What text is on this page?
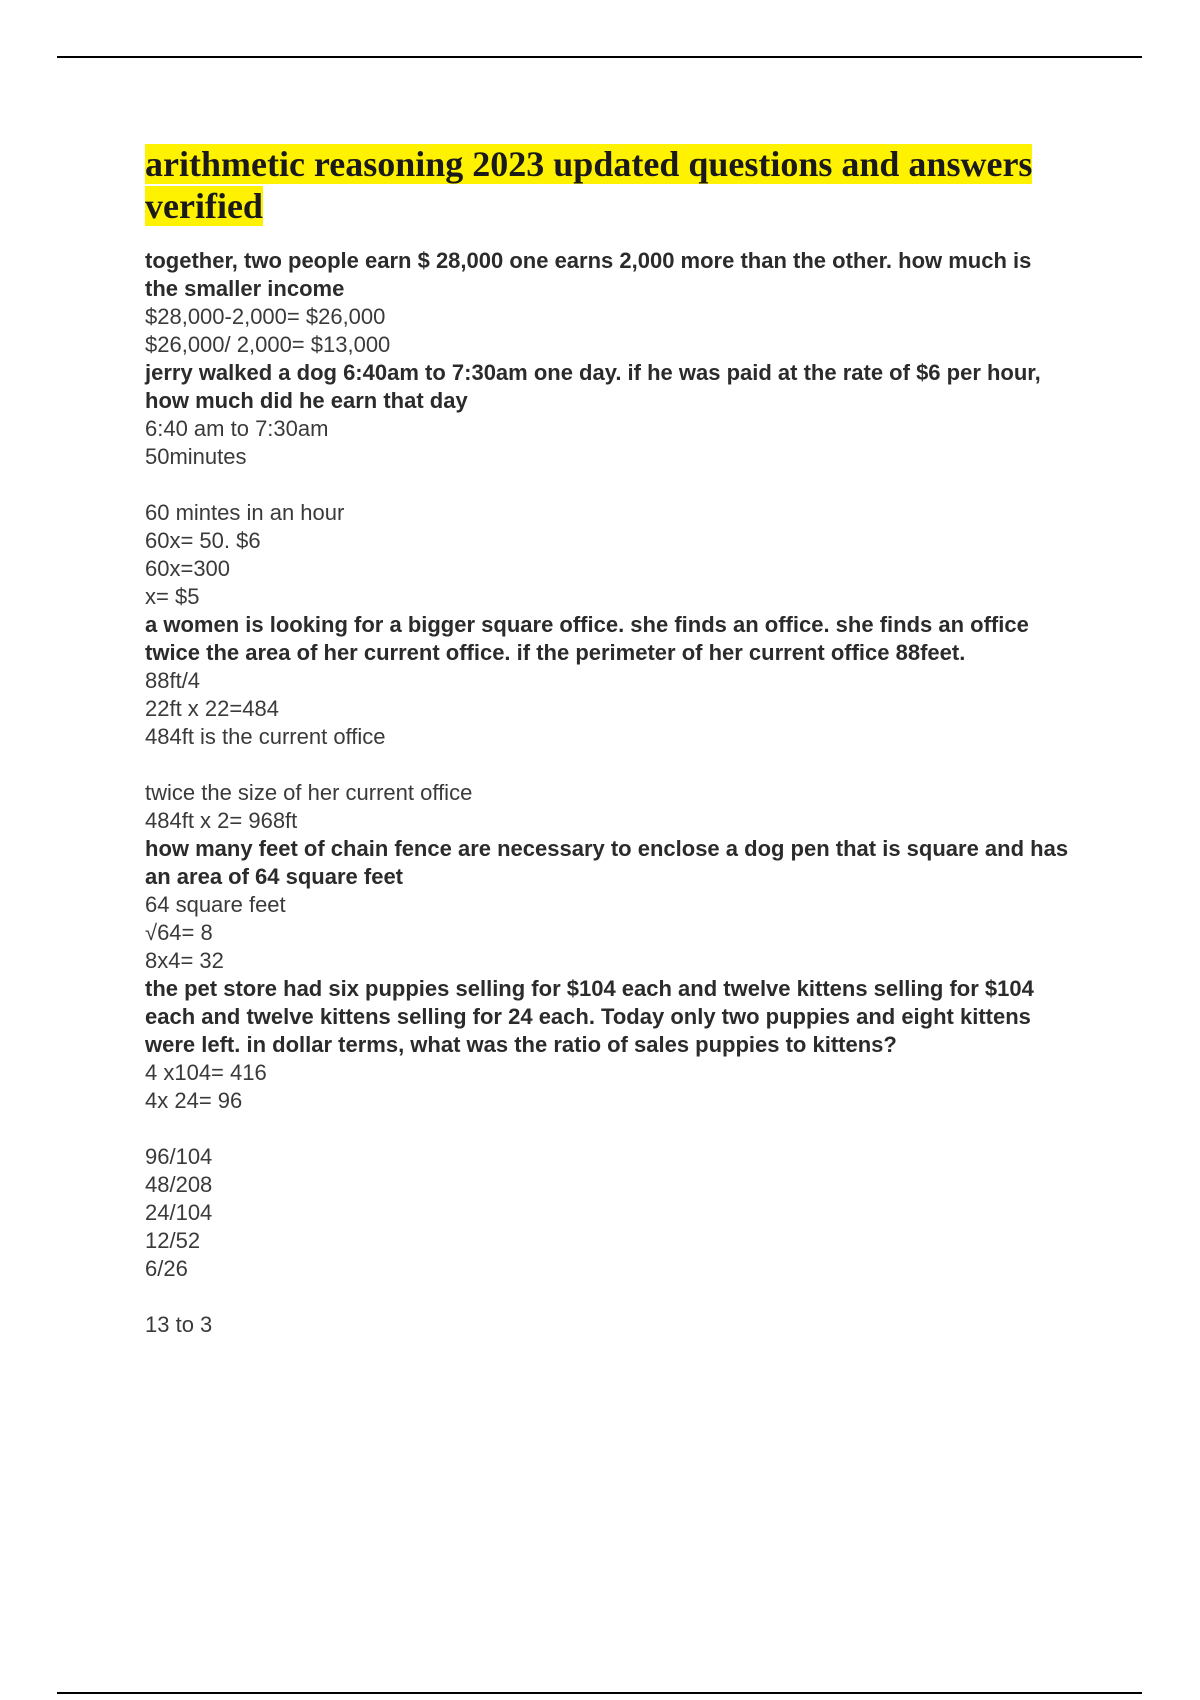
arithmetic reasoning 2023 updated questions and answers verified

together, two people earn $ 28,000 one earns 2,000 more than the other. how much is the smaller income

$28,000-2,000= $26,000

$26,000/ 2,000= $13,000

jerry walked a dog 6:40am to 7:30am one day. if he was paid at the rate of $6 per hour, how much did he earn that day

6:40 am to 7:30am

50minutes

60 mintes in an hour

60x= 50. $6

60x=300

x= $5

a women is looking for a bigger square office. she finds an office. she finds an office twice the area of her current office. if the perimeter of her current office 88feet.

88ft/4

22ft x 22=484

484ft is the current office

twice the size of her current office

484ft x 2= 968ft

how many feet of chain fence are necessary to enclose a dog pen that is square and has an area of 64 square feet

64 square feet

√64= 8

8x4= 32

the pet store had six puppies selling for $104 each and twelve kittens selling for $104 each and twelve kittens selling for 24 each. Today only two puppies and eight kittens were left. in dollar terms, what was the ratio of sales puppies to kittens?

4 x104= 416

4x 24= 96

96/104

48/208

24/104

12/52

6/26

13 to 3
